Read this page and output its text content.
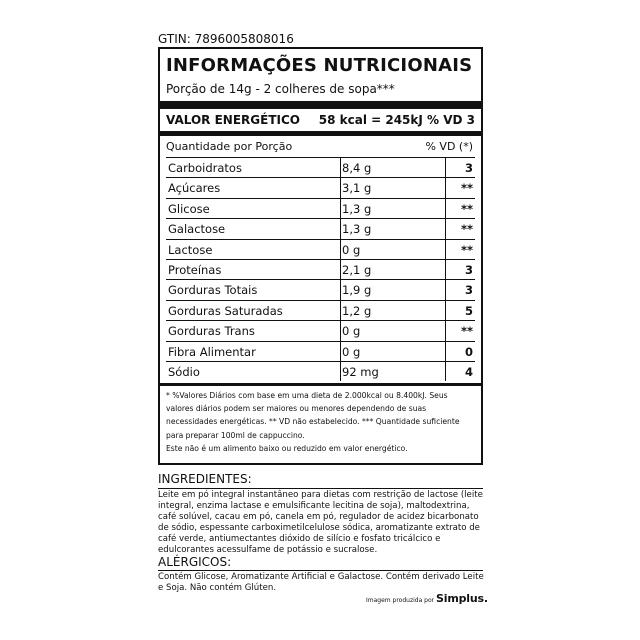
GTIN: 7896005808016
INFORMAÇÕES NUTRICIONAIS
Porção de 14g - 2 colheres de sopa***
VALOR ENERGÉTICO 58 kcal = 245kJ % VD 3
Quantidade por Porção	% VD (*)
Carboidratos	8,4 g	3
Açúcares	3,1 g	**
Glicose	1,3 g	**
Galactose	1,3 g	**
Lactose	0 g	**
Proteínas	2,1 g	3
Gorduras Totais	1,9 g	3
Gorduras Saturadas	1,2 g	5
Gorduras Trans	0 g	**
Fibra Alimentar	0 g	0
Sódio	92 mg	4

* %Valores Diários com base em uma dieta de 2.000kcal ou 8.400kJ. Seus valores diários podem ser maiores ou menores dependendo de suas necessidades energéticas. ** VD não estabelecido. *** Quantidade suficiente para preparar 100ml de cappuccino.

Este não é um alimento baixo ou reduzido em valor energético.

INGREDIENTES:
Leite em pó integral instantâneo para dietas com restrição de lactose (leite integral, enzima lactase e emulsificante lecitina de soja), maltodextrina, café solúvel, cacau em pó, canela em pó, regulador de acidez bicarbonato de sódio, espessante carboximetilcelulose sódica, aromatizante extrato de café verde, antiumectantes dióxido de silício e fosfato tricálcico e edulcorantes acessulfame de potássio e sucralose.
ALÉRGICOS:
Contém Glicose, Aromatizante Artificial e Galactose. Contém derivado Leite e Soja. Não contém Glúten.
Imagem produzida por Simplus.
